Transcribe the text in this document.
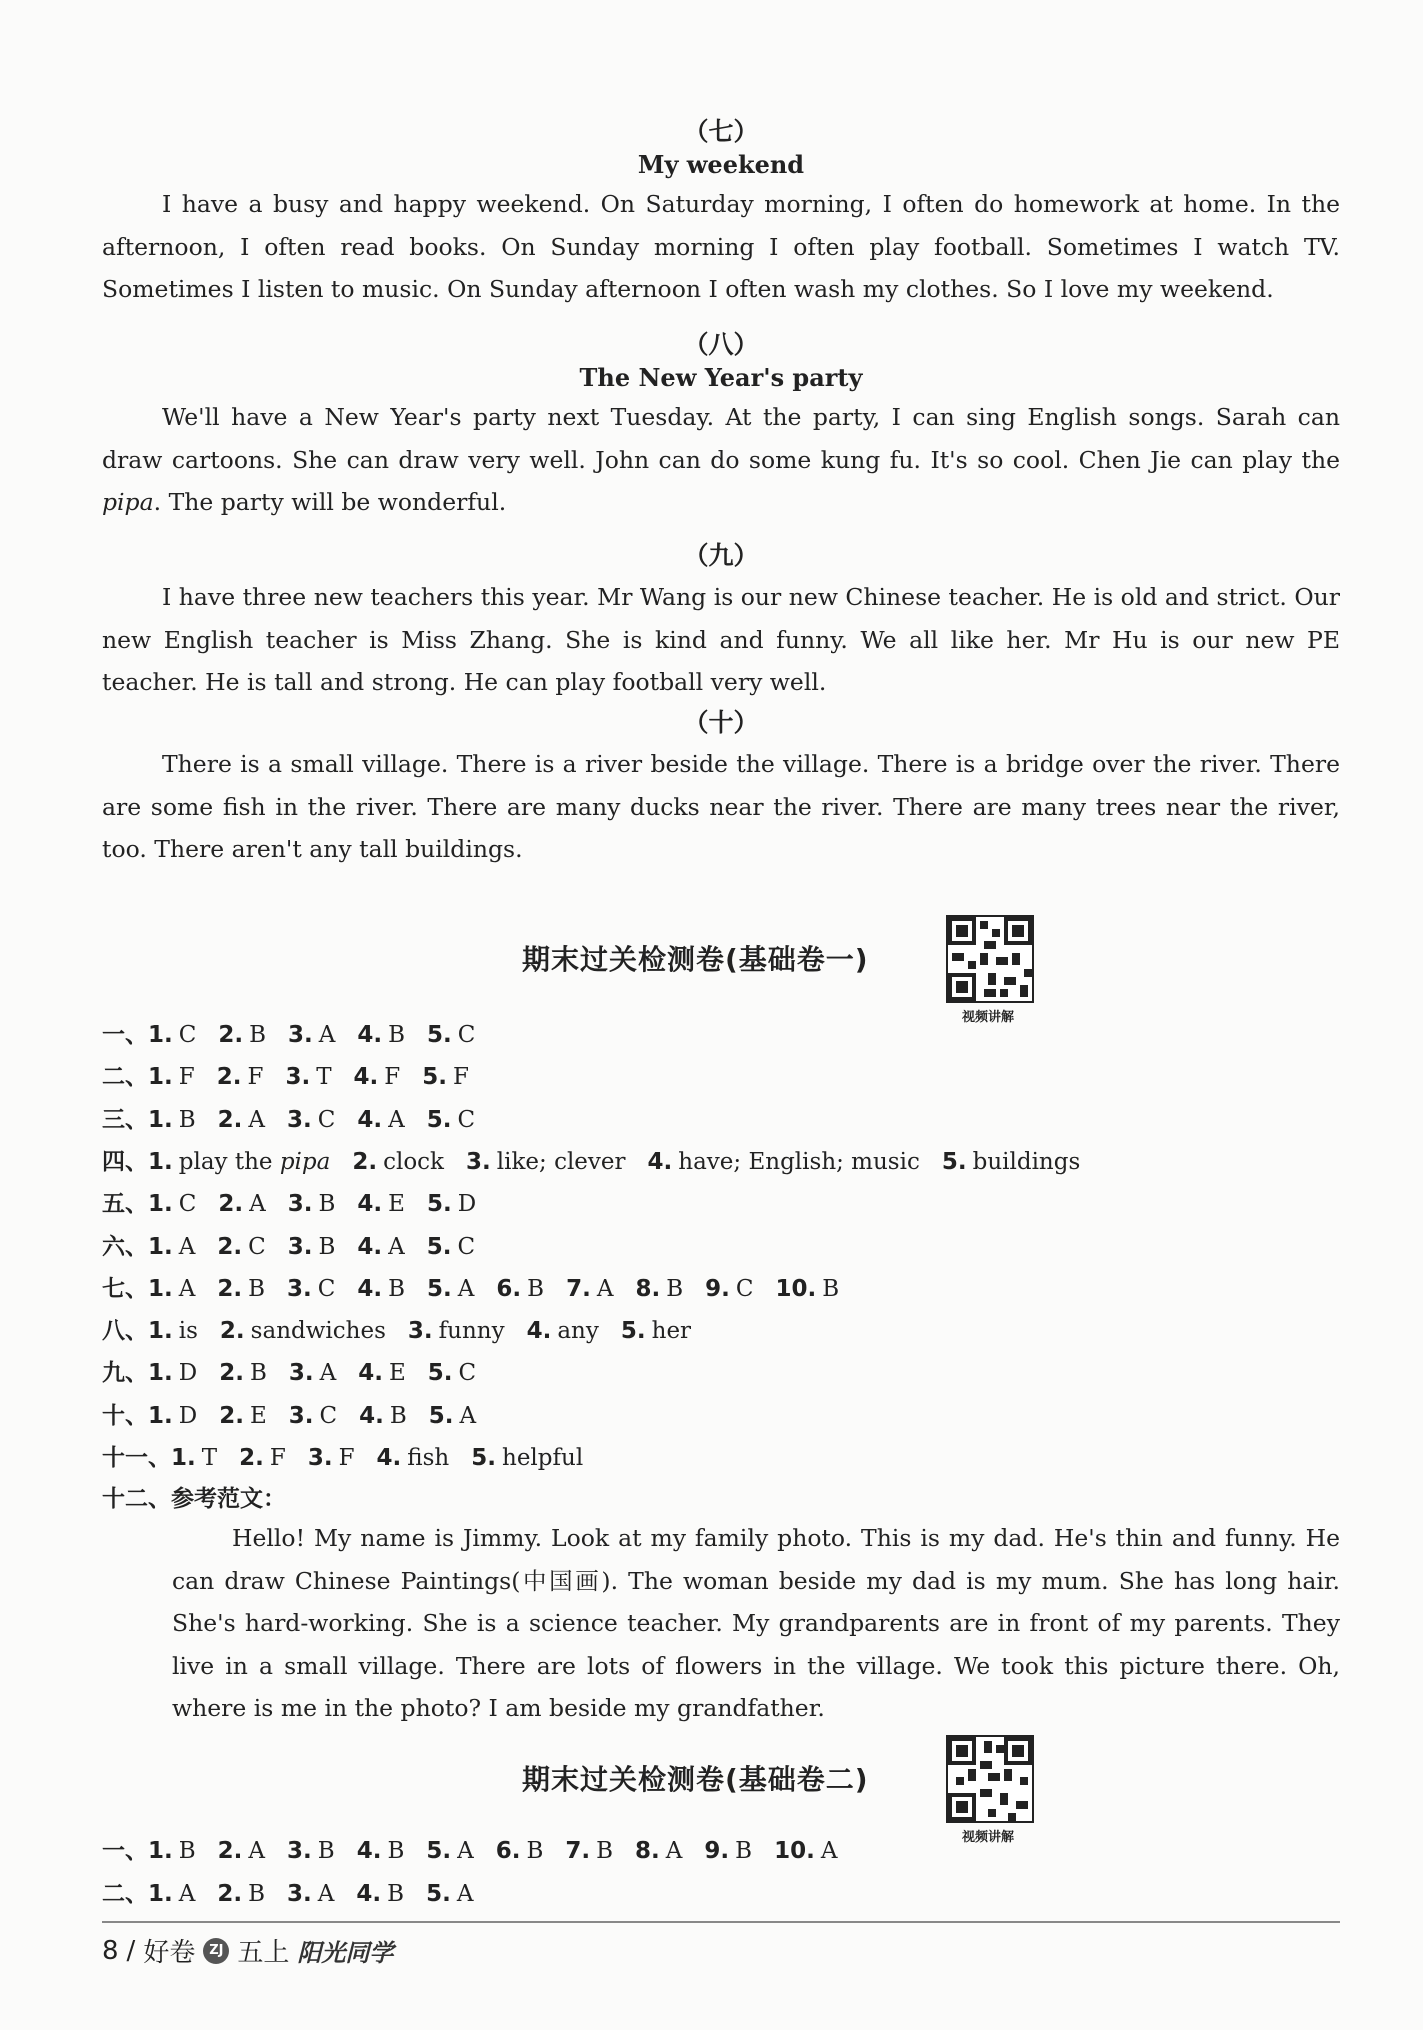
（七）

My weekend

I have a busy and happy weekend. On Saturday morning, I often do homework at home. In the afternoon, I often read books. On Sunday morning I often play football. Sometimes I watch TV. Sometimes I listen to music. On Sunday afternoon I often wash my clothes. So I love my weekend.

（八）

The New Year's party

We'll have a New Year's party next Tuesday. At the party, I can sing English songs. Sarah can draw cartoons. She can draw very well. John can do some kung fu. It's so cool. Chen Jie can play the pipa. The party will be wonderful.

（九）

I have three new teachers this year. Mr Wang is our new Chinese teacher. He is old and strict. Our new English teacher is Miss Zhang. She is kind and funny. We all like her. Mr Hu is our new PE teacher. He is tall and strong. He can play football very well.

（十）

There is a small village. There is a river beside the village. There is a bridge over the river. There are some fish in the river. There are many ducks near the river. There are many trees near the river, too. There aren't any tall buildings.

期末过关检测卷(基础卷一)
视频讲解
一、1. C 2. B 3. A 4. B 5. C
二、1. F 2. F 3. T 4. F 5. F
三、1. B 2. A 3. C 4. A 5. C
四、1. play the pipa 2. clock 3. like; clever 4. have; English; music 5. buildings
五、1. C 2. A 3. B 4. E 5. D
六、1. A 2. C 3. B 4. A 5. C
七、1. A 2. B 3. C 4. B 5. A 6. B 7. A 8. B 9. C 10. B
八、1. is 2. sandwiches 3. funny 4. any 5. her
九、1. D 2. B 3. A 4. E 5. C
十、1. D 2. E 3. C 4. B 5. A
十一、1. T 2. F 3. F 4. fish 5. helpful
十二、参考范文：

Hello! My name is Jimmy. Look at my family photo. This is my dad. He's thin and funny. He can draw Chinese Paintings(中国画). The woman beside my dad is my mum. She has long hair. She's hard-working. She is a science teacher. My grandparents are in front of my parents. They live in a small village. There are lots of flowers in the village. We took this picture there. Oh, where is me in the photo? I am beside my grandfather.

期末过关检测卷(基础卷二)
视频讲解
一、1. B 2. A 3. B 4. B 5. A 6. B 7. B 8. A 9. B 10. A
二、1. A 2. B 3. A 4. B 5. A
8 / 好卷	ZJ 五上 阳光同学
